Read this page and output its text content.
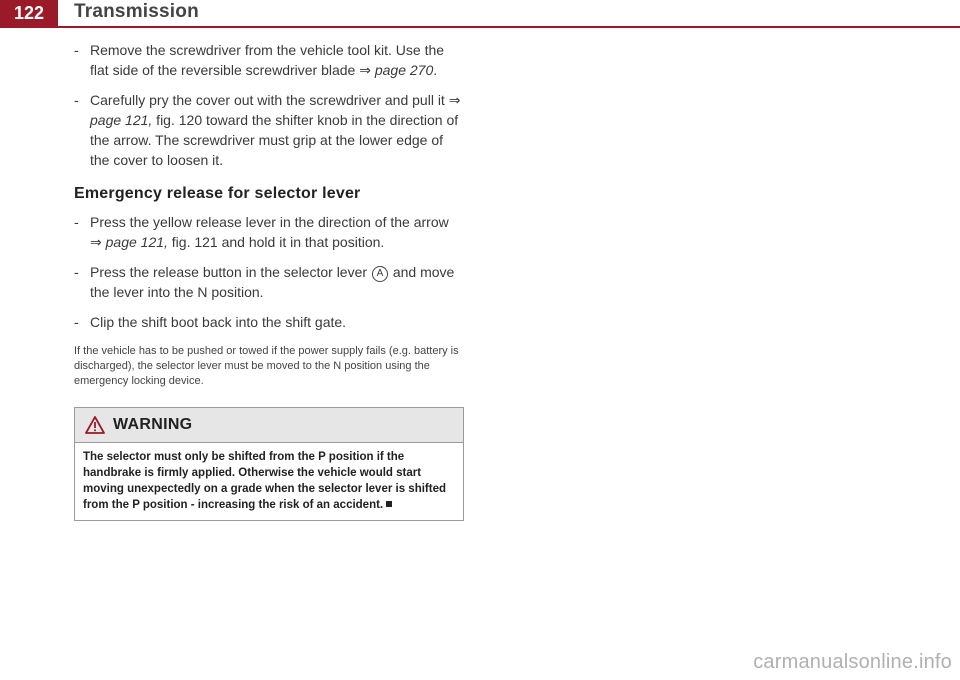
122	Transmission
- Remove the screwdriver from the vehicle tool kit. Use the flat side of the reversible screwdriver blade ⇒ page 270.
- Carefully pry the cover out with the screwdriver and pull it ⇒ page 121, fig. 120 toward the shifter knob in the direction of the arrow. The screwdriver must grip at the lower edge of the cover to loosen it.
Emergency release for selector lever
- Press the yellow release lever in the direction of the arrow ⇒ page 121, fig. 121 and hold it in that position.
- Press the release button in the selector lever A and move the lever into the N position.
- Clip the shift boot back into the shift gate.
If the vehicle has to be pushed or towed if the power supply fails (e.g. battery is discharged), the selector lever must be moved to the N position using the emergency locking device.
WARNING
The selector must only be shifted from the P position if the handbrake is firmly applied. Otherwise the vehicle would start moving unexpectedly on a grade when the selector lever is shifted from the P position - increasing the risk of an accident.
carmanualsonline.info
